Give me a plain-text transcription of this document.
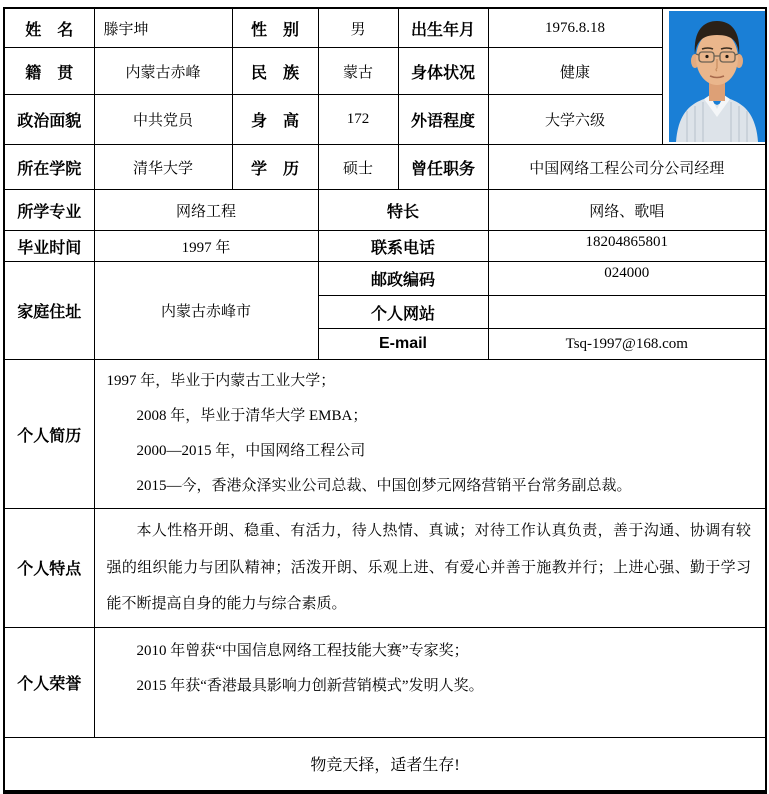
姓　名	滕宇坤	性　别	男	出生年月	1976.8.18	

籍　贯	内蒙古赤峰	民　族	蒙古	身体状况	健康	
政治面貌	中共党员	身　高	172	外语程度	大学六级	
所在学院	清华大学	学　历	硕士	曾任职务	中国网络工程公司分公司经理	
所学专业	网络工程		特长		网络、歌唱	
毕业时间	1997 年		联系电话		18204865801	
家庭住址	内蒙古赤峰市		邮政编码		024000	
			个人网站			
			E-mail		Tsq-1997@168.com	
个人简历	1997 年，毕业于内蒙古工业大学；
2008 年，毕业于清华大学 EMBA；
2000—2015 年，中国网络工程公司
2015—今，香港众泽实业公司总裁、中国创梦元网络营销平台常务副总裁。					

个人特点	本人性格开朗、稳重、有活力，待人热情、真诚；对待工作认真负责，善于沟通、协调有较强的组织能力与团队精神；活泼开朗、乐观上进、有爱心并善于施教并行；上进心强、勤于学习能不断提高自身的能力与综合素质。					

个人荣誉	2010 年曾获“中国信息网络工程技能大赛”专家奖；
2015 年获“香港最具影响力创新营销模式”发明人奖。					

物竞天择，适者生存!						
